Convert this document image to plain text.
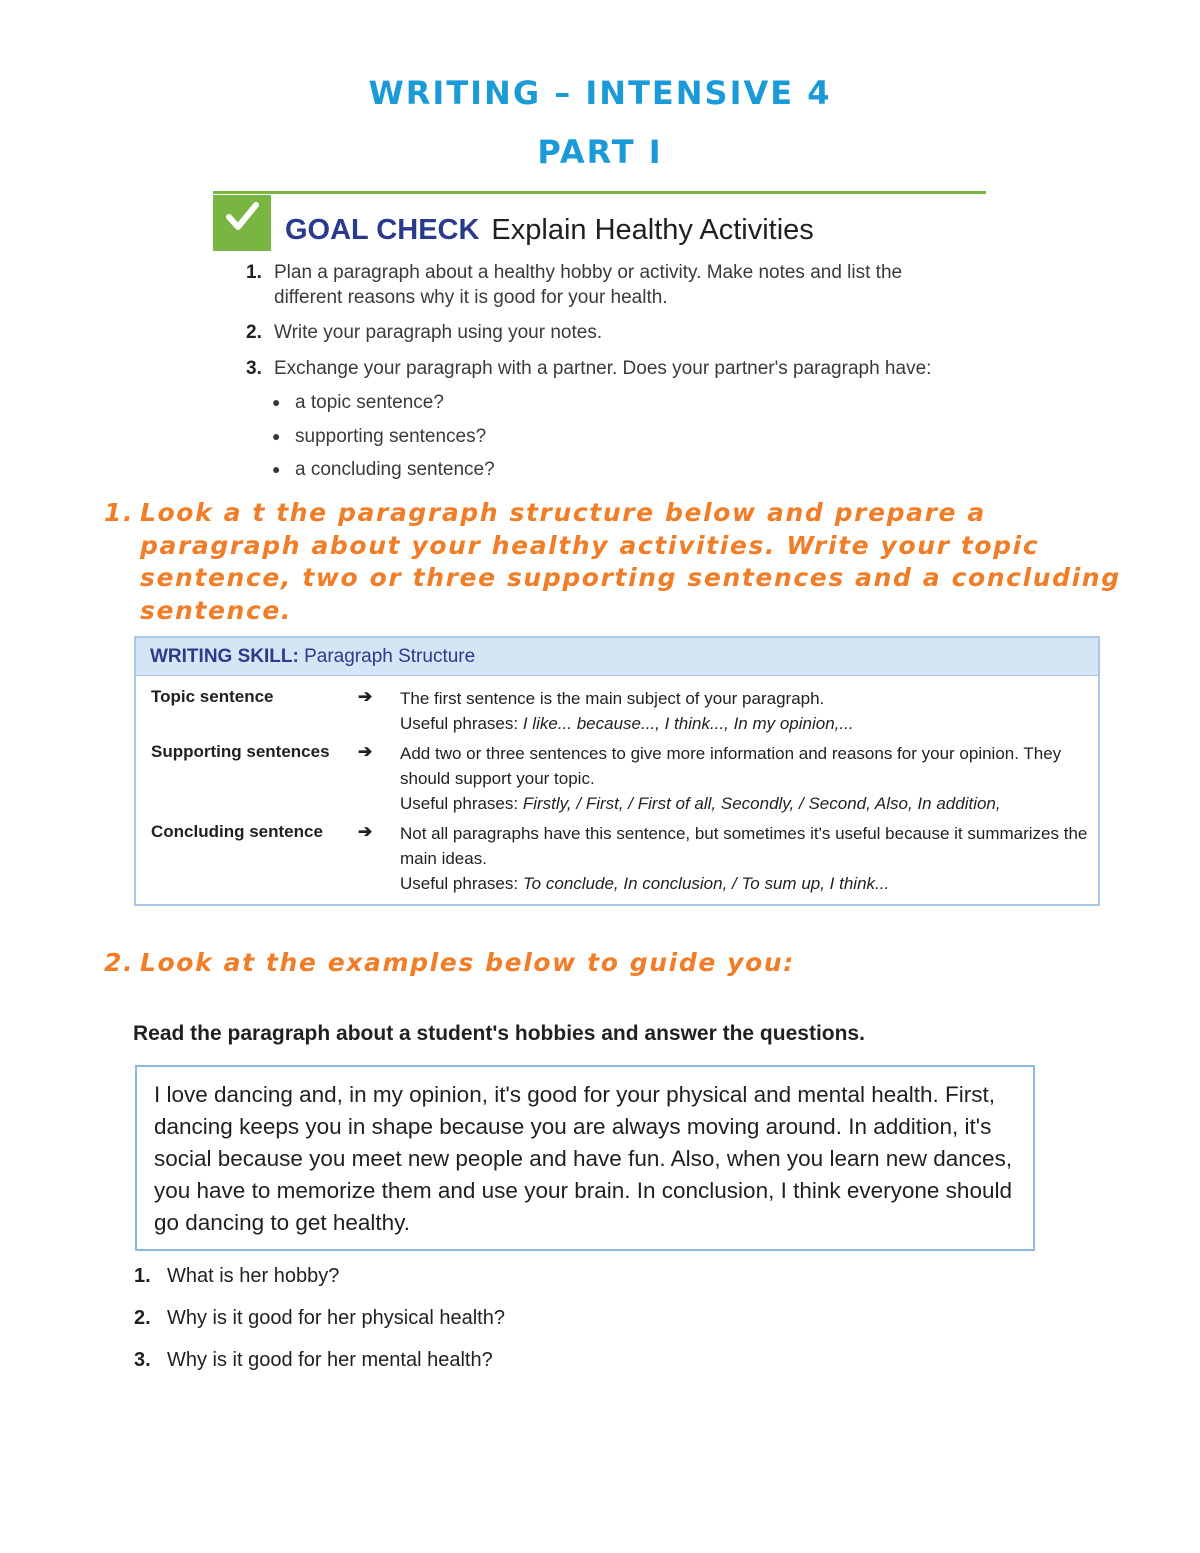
WRITING – INTENSIVE 4
PART I
GOAL CHECK Explain Healthy Activities
1. Plan a paragraph about a healthy hobby or activity. Make notes and list the different reasons why it is good for your health.
2. Write your paragraph using your notes.
3. Exchange your paragraph with a partner. Does your partner's paragraph have:
● a topic sentence?
● supporting sentences?
● a concluding sentence?
1. Look a t the paragraph structure below and prepare a paragraph about your healthy activities. Write your topic sentence, two or three supporting sentences and a concluding sentence.
WRITING SKILL: Paragraph Structure
Topic sentence	➔ The first sentence is the main subject of your paragraph.
Useful phrases: I like... because..., I think..., In my opinion,...
Supporting sentences ➔ Add two or three sentences to give more information and reasons for your opinion. They should support your topic.
Useful phrases: Firstly, / First, / First of all, Secondly, / Second, Also, In addition,
Concluding sentence ➔ Not all paragraphs have this sentence, but sometimes it's useful because it summarizes the main ideas.
Useful phrases: To conclude, In conclusion, / To sum up, I think...
2. Look at the examples below to guide you:
Read the paragraph about a student's hobbies and answer the questions.
I love dancing and, in my opinion, it's good for your physical and mental health. First, dancing keeps you in shape because you are always moving around. In addition, it's social because you meet new people and have fun. Also, when you learn new dances, you have to memorize them and use your brain. In conclusion, I think everyone should go dancing to get healthy.
1. What is her hobby?
2. Why is it good for her physical health?
3. Why is it good for her mental health?
